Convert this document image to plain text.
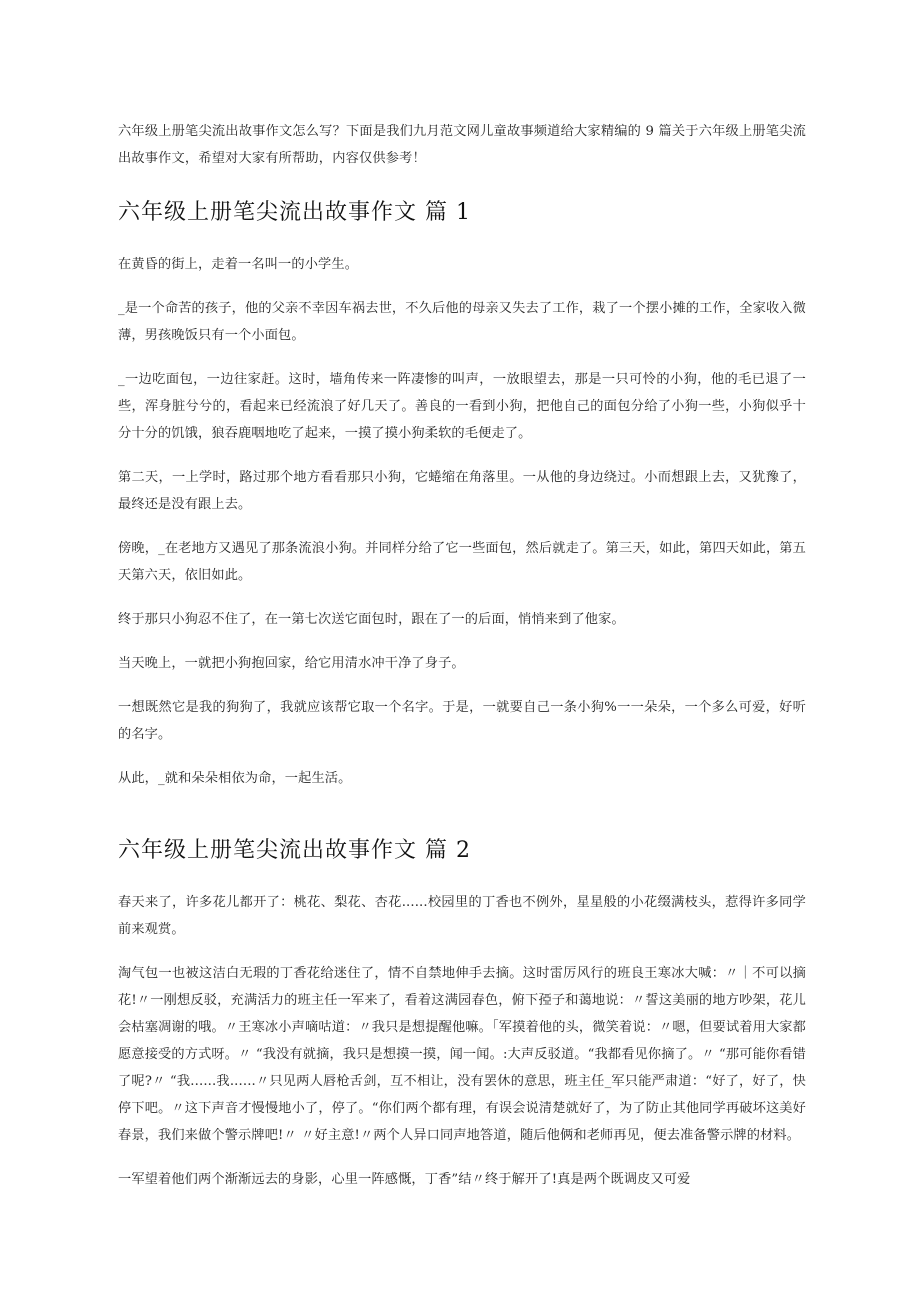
六年级上册笔尖流出故事作文怎么写？下面是我们九月范文网儿童故事频道给大家精编的 9 篇关于六年级上册笔尖流出故事作文，希望对大家有所帮助，内容仅供参考！

六年级上册笔尖流出故事作文 篇 1

在黄昏的街上，走着一名叫一的小学生。

_是一个命苦的孩子，他的父亲不幸因车祸去世，不久后他的母亲又失去了工作，栽了一个摆小摊的工作，全家收入微薄，男孩晚饭只有一个小面包。

_一边吃面包，一边往家赶。这时，墙角传来一阵凄惨的叫声，一放眼望去，那是一只可怜的小狗，他的毛已退了一些，浑身脏兮兮的，看起来已经流浪了好几天了。善良的一看到小狗，把他自己的面包分给了小狗一些，小狗似乎十分十分的饥饿，狼吞鹿咽地吃了起来，一摸了摸小狗柔软的毛便走了。

第二天，一上学时，路过那个地方看看那只小狗，它蜷缩在角落里。一从他的身边绕过。小而想跟上去，又犹豫了，最终还是没有跟上去。

傍晚，_在老地方又遇见了那条流浪小狗。并同样分给了它一些面包，然后就走了。第三天，如此，第四天如此，第五天第六天，依旧如此。

终于那只小狗忍不住了，在一第七次送它面包时，跟在了一的后面，悄悄来到了他家。

当天晚上，一就把小狗抱回家，给它用清水冲干净了身子。

一想既然它是我的狗狗了，我就应该帮它取一个名字。于是，一就要自己一条小狗%一一朵朵，一个多么可爱，好听的名字。

从此，_就和朵朵相依为命，一起生活。

六年级上册笔尖流出故事作文 篇 2

春天来了，许多花儿都开了：桃花、梨花、杏花......校园里的丁香也不例外，星星般的小花缀满枝头，惹得许多同学前来观赏。

淘气包一也被这洁白无瑕的丁香花给迷住了，情不自禁地伸手去摘。这时雷厉风行的班良王寒冰大喊：〃｜不可以摘花!〃一刚想反驳，充满活力的班主任一军来了，看着这满园春色，俯下孲子和蔼地说：〃誓这美丽的地方吵架，花儿会枯塞凋谢的哦。〃王寒冰小声嘀咕道：〃我只是想提醒他嘛。「军摸着他的头，微笑着说：〃嗯，但要试着用大家都愿意接受的方式呀。〃 “我没有就摘，我只是想摸一摸，闻一闻。:大声反驳道。“我都看见你摘了。〃 “那可能你看错了呢?〃 “我......我......〃只见两人唇枪舌剑，互不相让，没有罢休的意思，班主任_军只能严肃道：“好了，好了，快停下吧。〃这下声音才慢慢地小了，停了。“你们两个都有理，有误会说清楚就好了，为了防止其他同学再破坏这美好春景，我们来做个警示牌吧!〃 〃好主意!〃两个人异口同声地答道，随后他俩和老师再见，便去准备警示牌的材料。

一军望着他们两个渐渐远去的身影，心里一阵感慨，丁香”结〃终于解开了!真是两个既调皮又可爱
